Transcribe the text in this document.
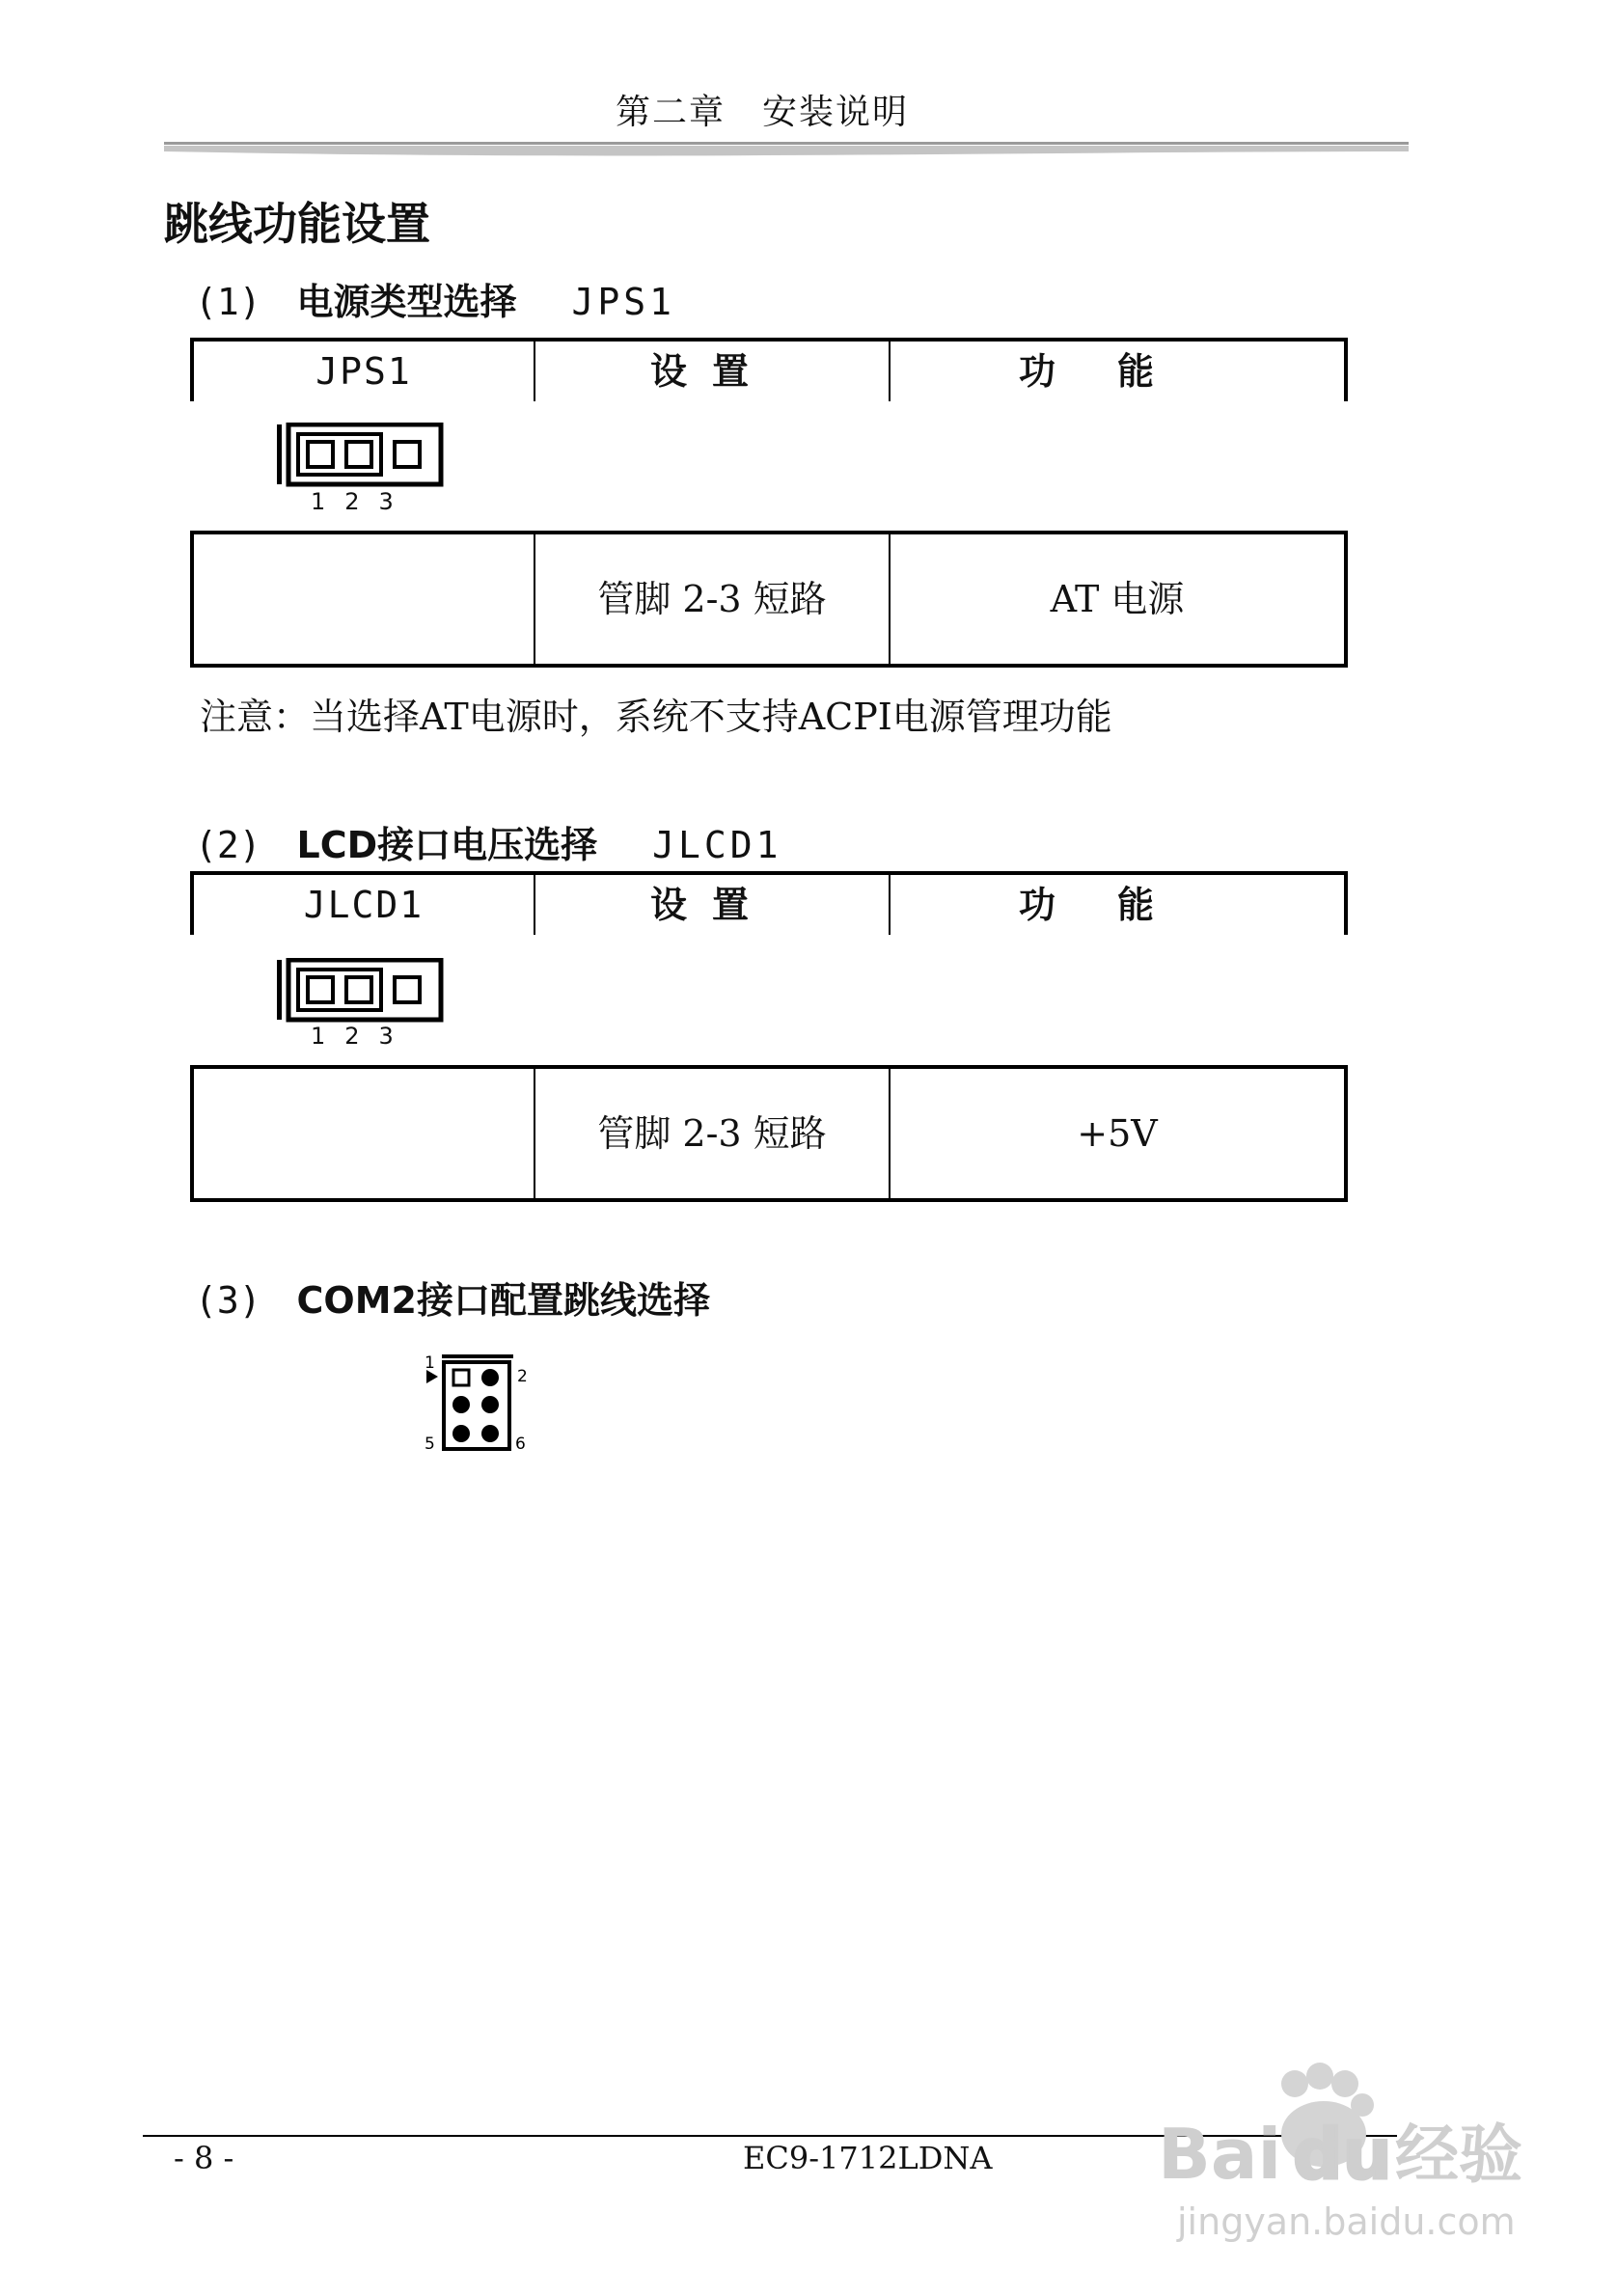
第二章　安装说明
跳线功能设置
(1) 电源类型选择 JPS1
JPS1	设置	功能
123
管脚 2-3 短路	AT 电源
注意：当选择AT电源时，系统不支持ACPI电源管理功能
(2) LCD接口电压选择 JLCD1
JLCD1	设置	功能
123
管脚 2-3 短路	+5V
(3) COM2接口配置跳线选择
1
2
5	6
- 8 -	EC9-1712LDNA Bai du 经验
jingyan.baidu.com
